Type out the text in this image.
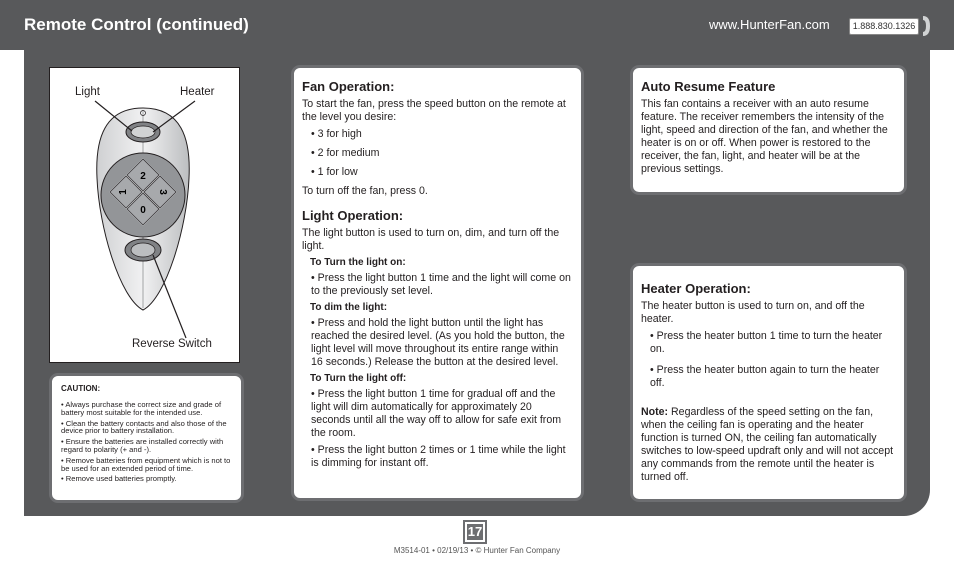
Remote Control (continued)	www.HunterFan.com	1.888.830.1326
Light	Heater
Reverse Switch
2
1	3
0
CAUTION:

• Always purchase the correct size and grade of battery most suitable for the intended use.

• Clean the battery contacts and also those of the device prior to battery installation.

• Ensure the batteries are installed correctly with regard to polarity (+ and -).

• Remove batteries from equipment which is not to be used for an extended period of time.

• Remove used batteries promptly.

Fan Operation:

To start the fan, press the speed button on the remote at the level you desire:

• 3 for high

• 2 for medium

• 1 for low

To turn off the fan, press 0.

Light Operation:

The light button is used to turn on, dim, and turn off the light.

To Turn the light on:

• Press the light button 1 time and the light will come on to the previously set level.

To dim the light:

• Press and hold the light button until the light has reached the desired level. (As you hold the button, the light level will move throughout its entire range within 16 seconds.) Release the button at the desired level.

To Turn the light off:

• Press the light button 1 time for gradual off and the light will dim automatically for approximately 20 seconds until all the way off to allow for safe exit from the room.

• Press the light button 2 times or 1 time while the light is dimming for instant off.

Auto Resume Feature

This fan contains a receiver with an auto resume feature. The receiver remembers the intensity of the light, speed and direction of the fan, and whether the heater is on or off. When power is restored to the receiver, the fan, light, and heater will be at the previous settings.

Heater Operation:

The heater button is used to turn on, and off the heater.

• Press the heater button 1 time to turn the heater on.

• Press the heater button again to turn the heater off.

Note: Regardless of the speed setting on the fan, when the ceiling fan is operating and the heater function is turned ON, the ceiling fan automatically switches to low-speed updraft only and will not accept any commands from the remote until the heater is turned off.

17
M3514-01 • 02/19/13 • © Hunter Fan Company
